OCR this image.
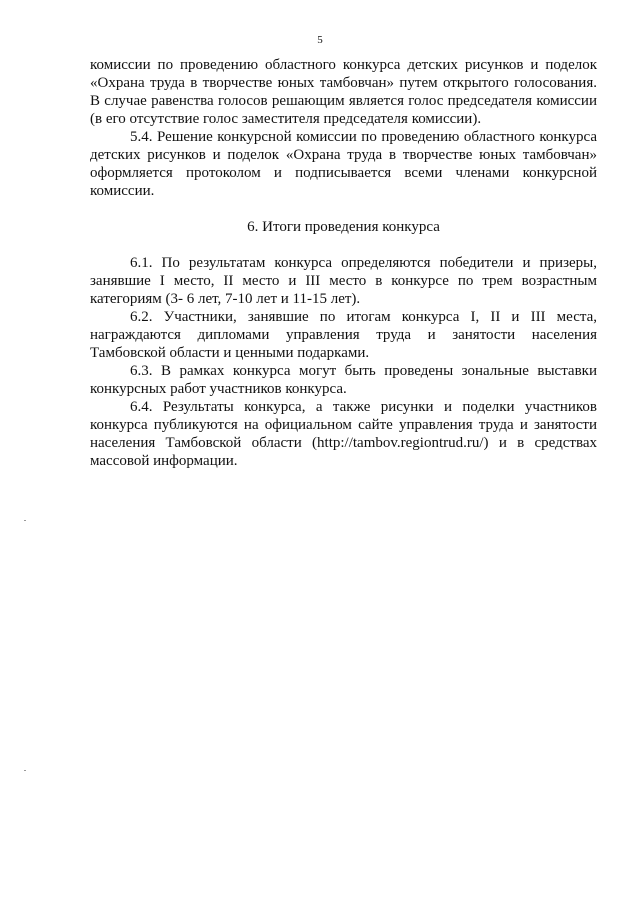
5

комиссии по проведению областного конкурса детских рисунков и поделок «Охрана труда в творчестве юных тамбовчан» путем открытого голосования. В случае равенства голосов решающим является голос председателя комиссии (в его отсутствие голос заместителя председателя комиссии).

5.4. Решение конкурсной комиссии по проведению областного конкурса детских рисунков и поделок «Охрана труда в творчестве юных тамбовчан» оформляется протоколом и подписывается всеми членами конкурсной комиссии.

6. Итоги проведения конкурса

6.1. По результатам конкурса определяются победители и призеры, занявшие I место, II место и III место в конкурсе по трем возрастным категориям (3- 6 лет, 7-10 лет и 11-15 лет).

6.2. Участники, занявшие по итогам конкурса I, II и III места, награждаются дипломами управления труда и занятости населения Тамбовской области и ценными подарками.

6.3. В рамках конкурса могут быть проведены зональные выставки конкурсных работ участников конкурса.

6.4. Результаты конкурса, а также рисунки и поделки участников конкурса публикуются на официальном сайте управления труда и занятости населения Тамбовской области (http://tambov.regiontrud.ru/) и в средствах массовой информации.
